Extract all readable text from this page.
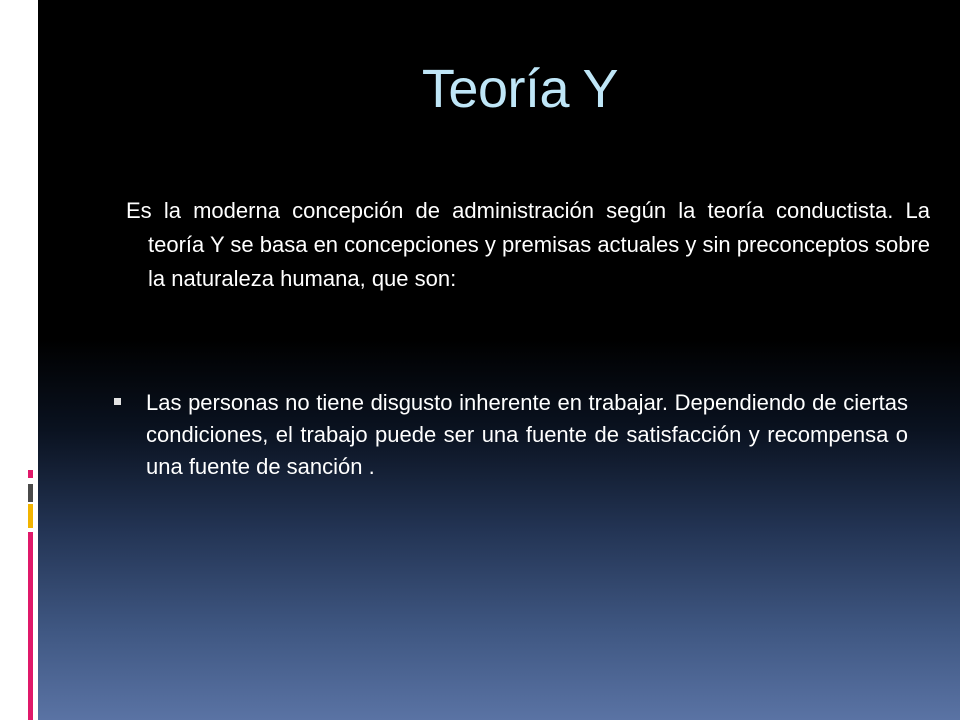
Teoría Y
Es la moderna concepción de administración según la teoría conductista. La teoría Y se basa en concepciones y premisas actuales y sin preconceptos sobre la naturaleza humana, que son:
Las personas no tiene disgusto inherente en trabajar. Dependiendo de ciertas condiciones, el trabajo puede ser una fuente de satisfacción y recompensa o una fuente de sanción .
